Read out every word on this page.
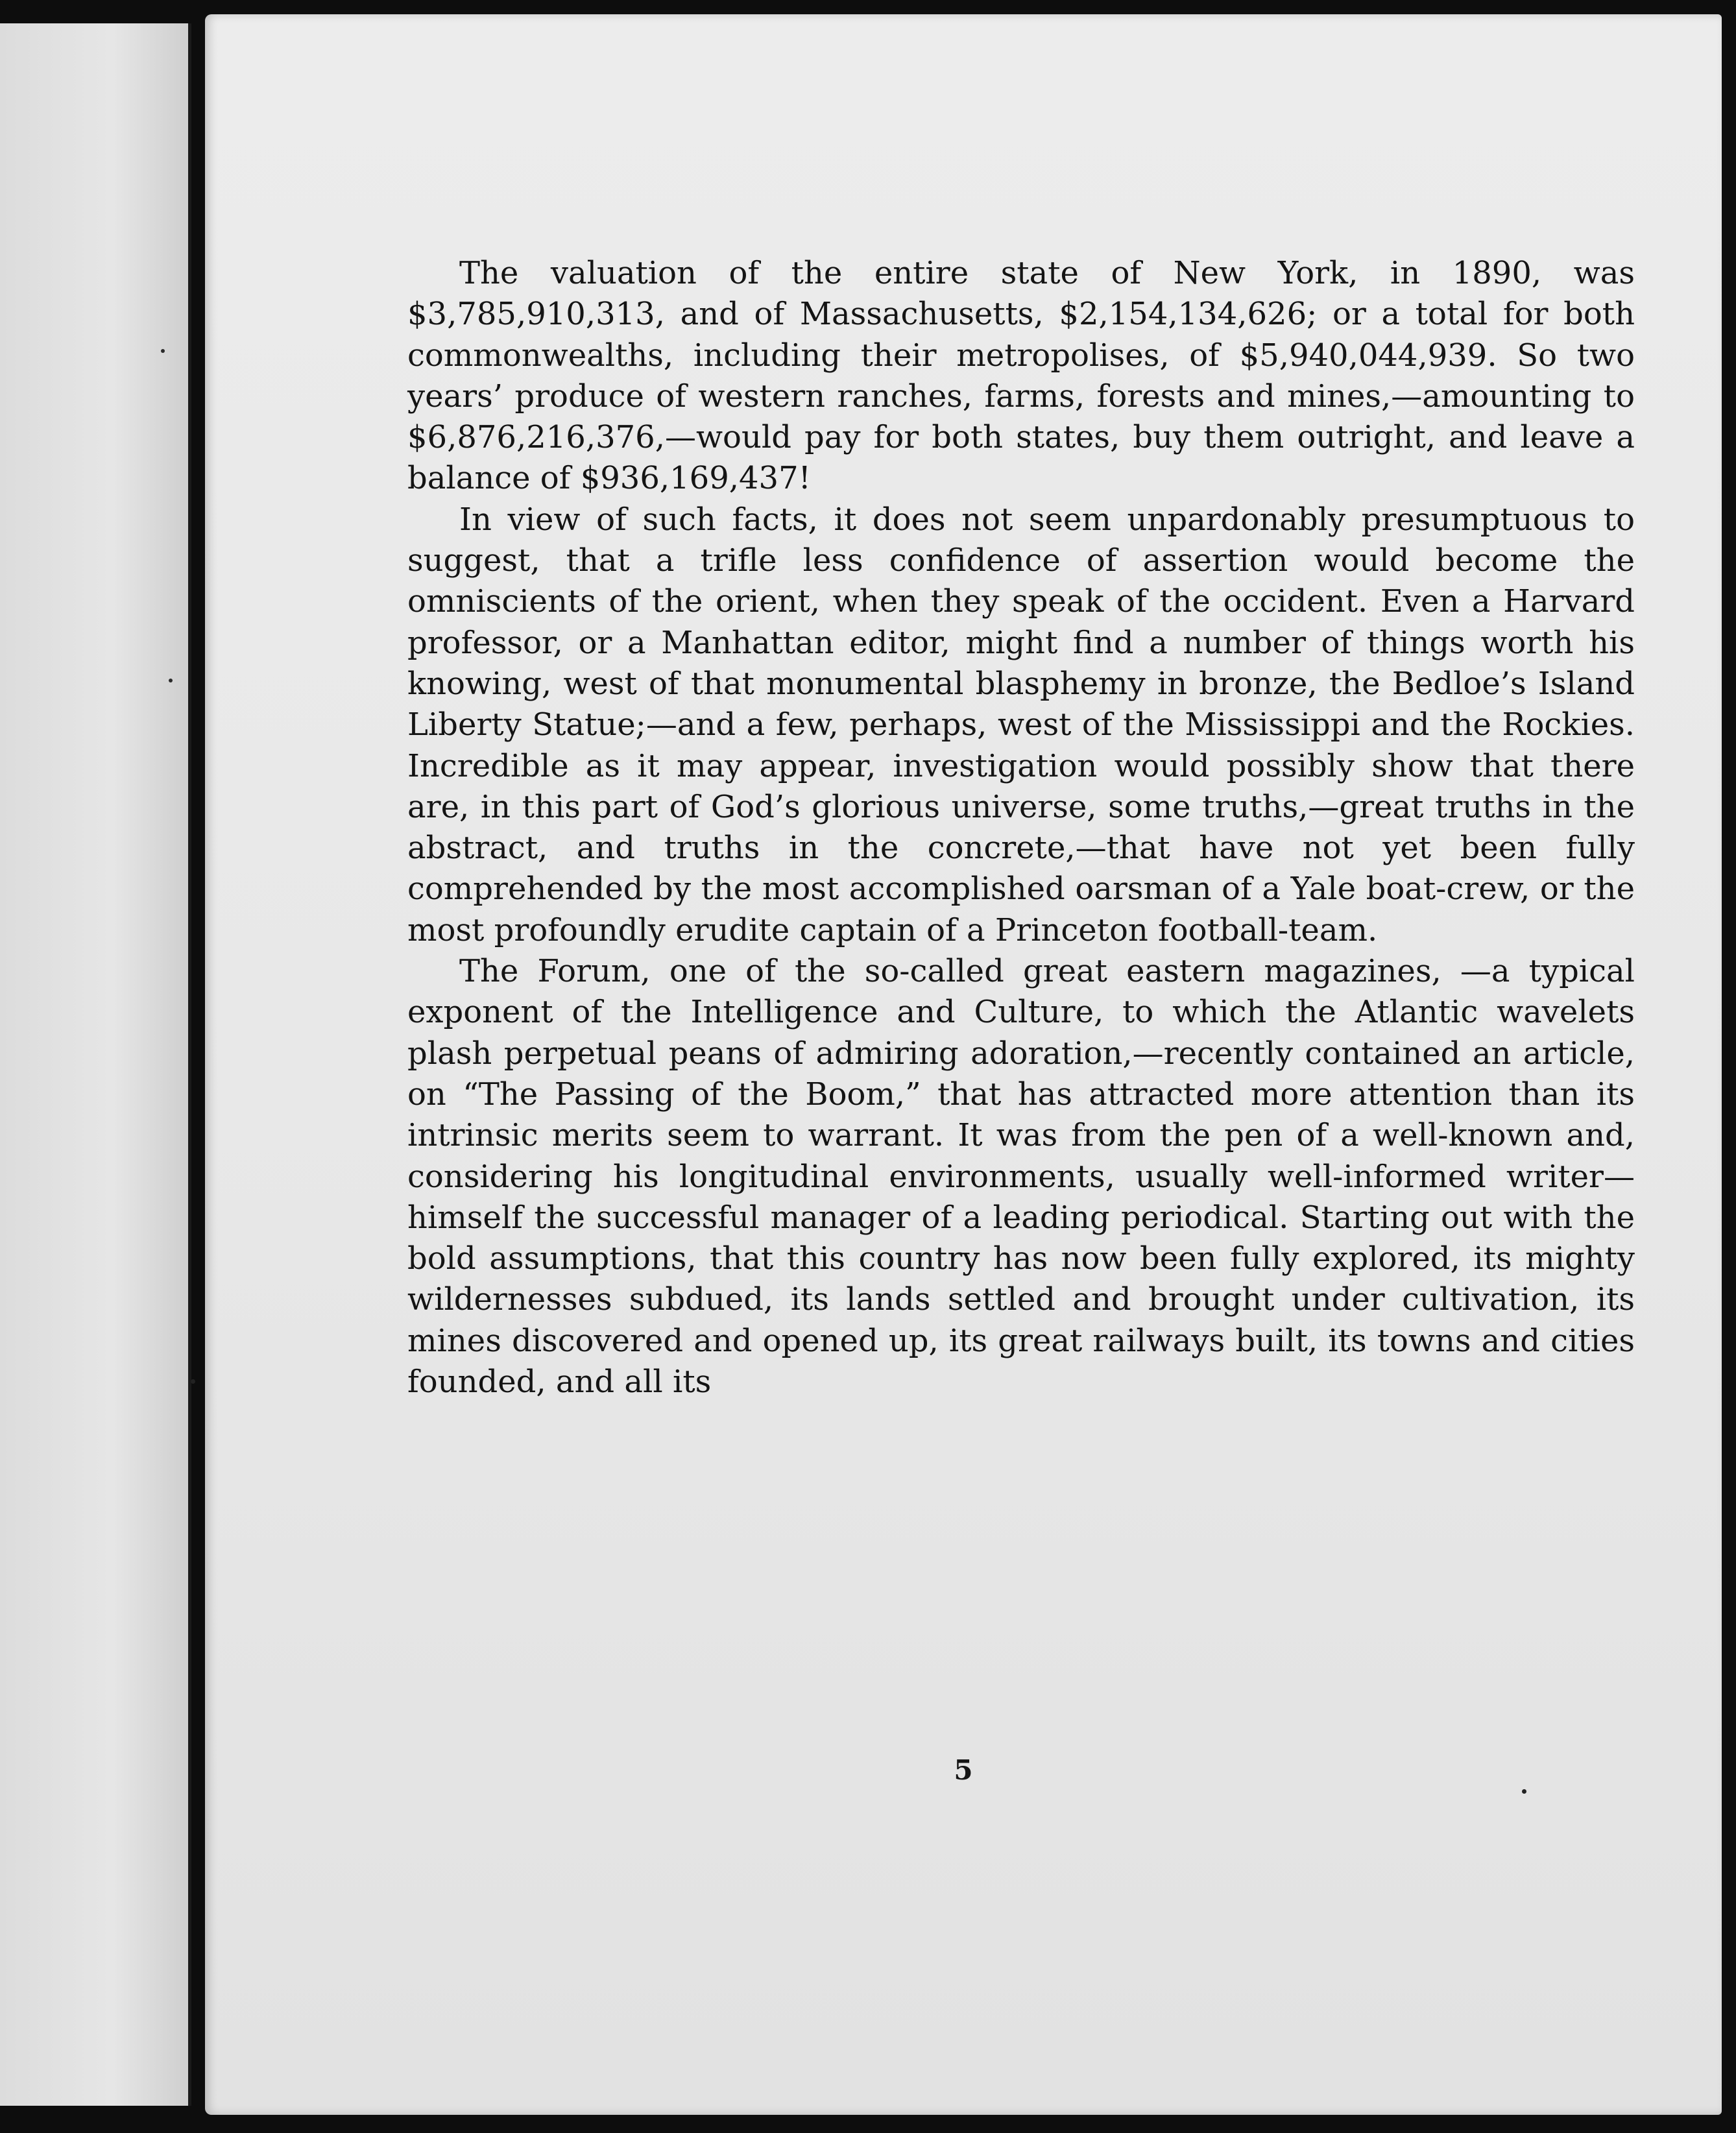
The valuation of the entire state of New York, in 1890, was $3,785,910,313, and of Massachusetts, $2,154,134,626; or a total for both commonwealths, including their metropolises, of $5,940,044,939. So two years’ produce of western ranches, farms, forests and mines,—amounting to $6,876,216,376,—would pay for both states, buy them outright, and leave a balance of $936,169,437!

In view of such facts, it does not seem unpardonably presumptuous to suggest, that a trifle less confidence of assertion would become the omniscients of the orient, when they speak of the occident. Even a Harvard professor, or a Manhattan editor, might find a number of things worth his knowing, west of that monumental blasphemy in bronze, the Bedloe’s Island Liberty Statue;—and a few, perhaps, west of the Mississippi and the Rockies. Incredible as it may appear, investigation would possibly show that there are, in this part of God’s glorious universe, some truths,—great truths in the abstract, and truths in the concrete,—that have not yet been fully comprehended by the most accomplished oarsman of a Yale boat-crew, or the most profoundly erudite captain of a Princeton football-team.

The Forum, one of the so-called great eastern magazines, —a typical exponent of the Intelligence and Culture, to which the Atlantic wavelets plash perpetual peans of admiring adoration,—recently contained an article, on “The Passing of the Boom,” that has attracted more attention than its intrinsic merits seem to warrant. It was from the pen of a well-known and, considering his longitudinal environments, usually well-informed writer—himself the successful manager of a leading periodical. Starting out with the bold assumptions, that this country has now been fully explored, its mighty wildernesses subdued, its lands settled and brought under cultivation, its mines discovered and opened up, its great railways built, its towns and cities founded, and all its

5
